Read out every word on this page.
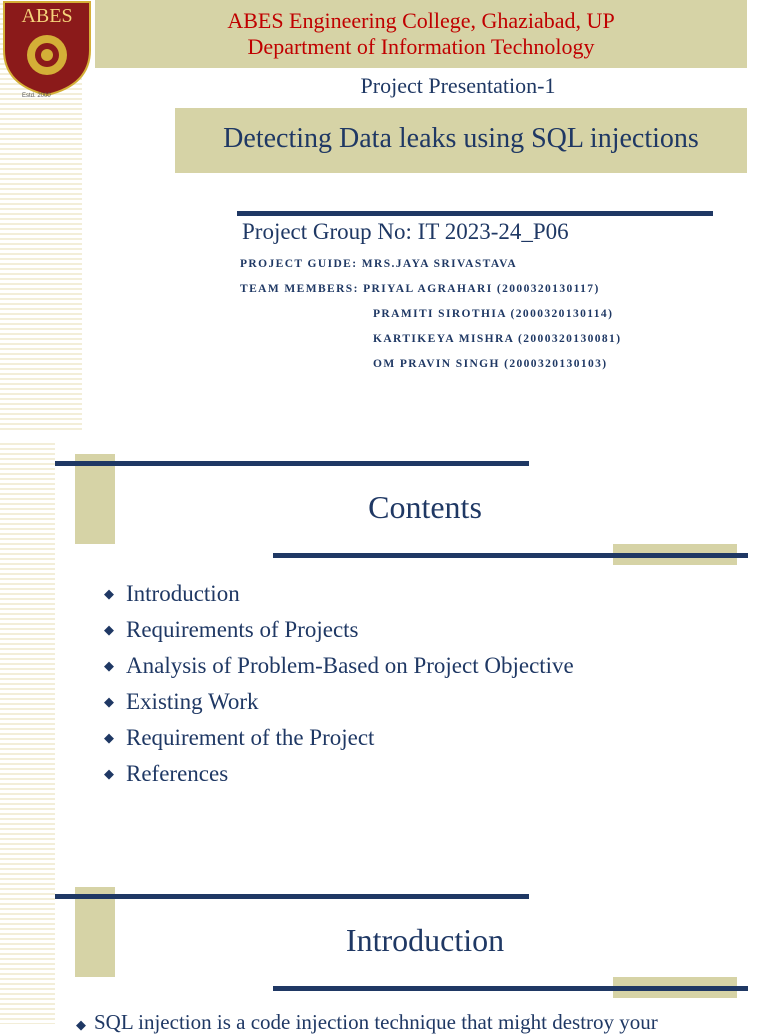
ABES
Estd. 2000
ABES Engineering College, Ghaziabad, UP
Department of Information Technology
Project Presentation-1
Detecting Data leaks using SQL injections
Project Group No: IT 2023-24_P06
PROJECT GUIDE: MRS.JAYA SRIVASTAVA
TEAM MEMBERS: PRIYAL AGRAHARI (2000320130117)
PRAMITI SIROTHIA (2000320130114)
KARTIKEYA MISHRA (2000320130081)
OM PRAVIN SINGH (2000320130103)
Contents
◆ Introduction
◆ Requirements of Projects
◆ Analysis of Problem-Based on Project Objective
◆ Existing Work
◆ Requirement of the Project
◆ References
Introduction
◆ SQL injection is a code injection technique that might destroy your
